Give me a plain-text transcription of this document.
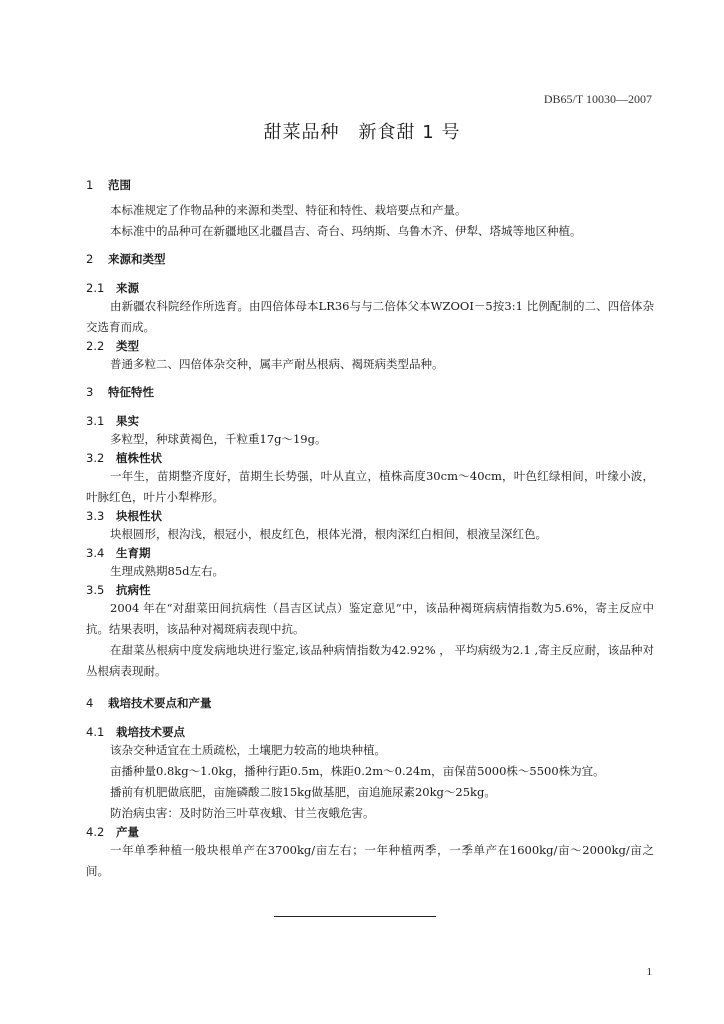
DB65/T 10030—2007
甜菜品种　新食甜 1 号
1 范围

本标准规定了作物品种的来源和类型、特征和特性、栽培要点和产量。

本标准中的品种可在新疆地区北疆昌吉、奇台、玛纳斯、乌鲁木齐、伊犁、塔城等地区种植。

2 来源和类型
2.1 来源

由新疆农科院经作所选育。由四倍体母本LR36与与二倍体父本WZOOI－5按3:1 比例配制的二、四倍体杂交选育而成。

2.2 类型

普通多粒二、四倍体杂交种，属丰产耐丛根病、褐斑病类型品种。

3 特征特性
3.1 果实

多粒型，种球黄褐色，千粒重17g～19g。

3.2 植株性状

一年生，苗期整齐度好，苗期生长势强，叶从直立，植株高度30cm～40cm，叶色红绿相间，叶缘小波，叶脉红色，叶片小犁桦形。

3.3 块根性状

块根圆形，根沟浅，根冠小，根皮红色，根体光滑，根肉深红白相间，根液呈深红色。

3.4 生育期

生理成熟期85d左右。

3.5 抗病性

2004 年在“对甜菜田间抗病性（昌吉区试点）鉴定意见”中，该品种褐斑病病情指数为5.6%，寄主反应中抗。结果表明，该品种对褐斑病表现中抗。

在甜菜丛根病中度发病地块进行鉴定,该品种病情指数为42.92% ， 平均病级为2.1 ,寄主反应耐，该品种对丛根病表现耐。

4 栽培技术要点和产量
4.1 栽培技术要点

该杂交种适宜在土质疏松，土壤肥力较高的地块种植。

亩播种量0.8kg～1.0kg，播种行距0.5m，株距0.2m～0.24m，亩保苗5000株～5500株为宜。

播前有机肥做底肥，亩施磷酸二胺15kg做基肥，亩追施尿素20kg～25kg。

防治病虫害：及时防治三叶草夜蛾、甘兰夜蛾危害。

4.2 产量

一年单季种植一般块根单产在3700kg/亩左右；一年种植两季，一季单产在1600kg/亩～2000kg/亩之间。

1
